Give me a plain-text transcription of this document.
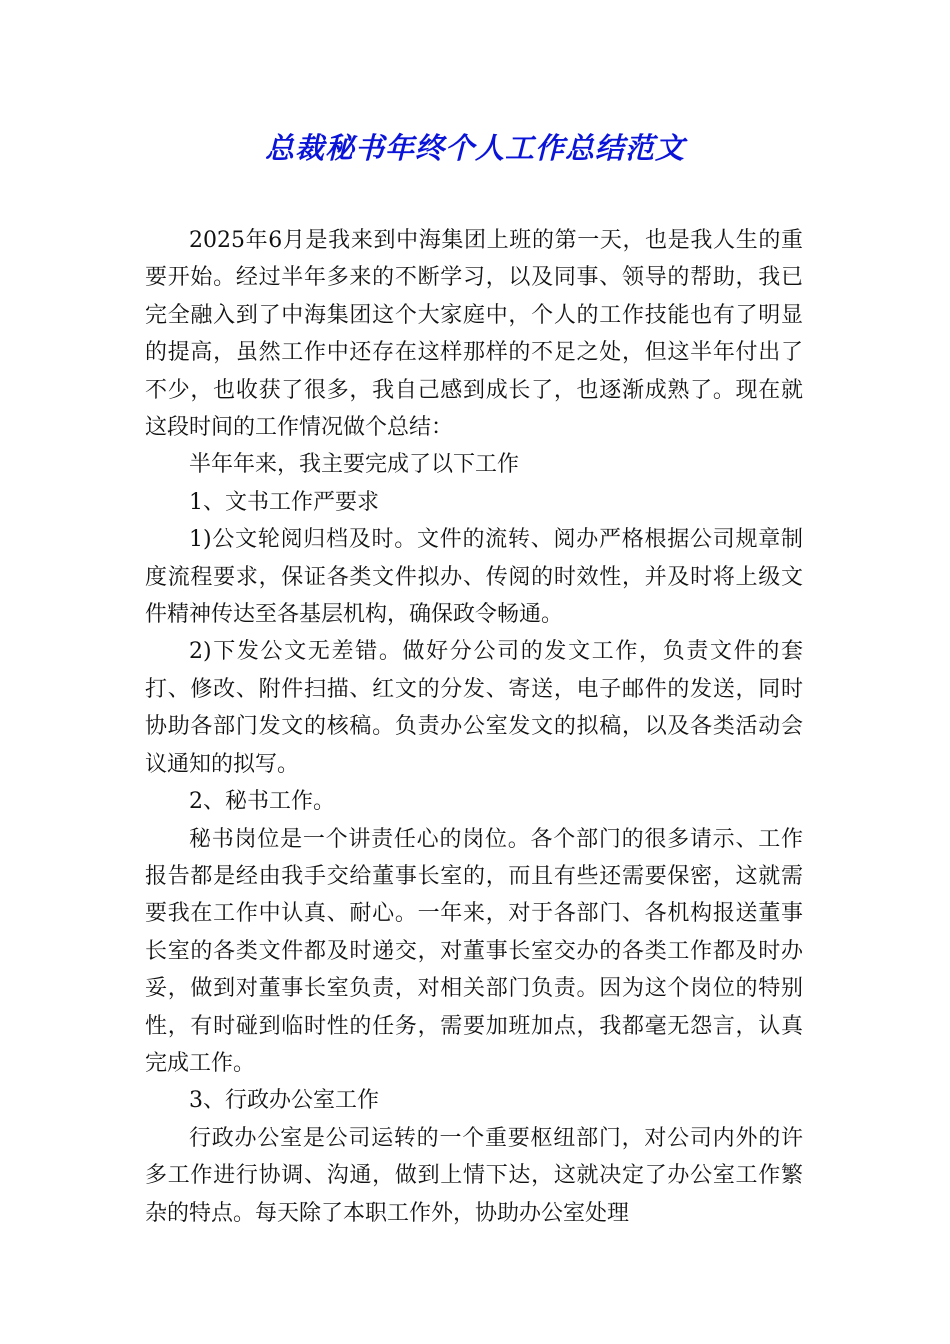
总裁秘书年终个人工作总结范文

2025年6月是我来到中海集团上班的第一天，也是我人生的重要开始。经过半年多来的不断学习，以及同事、领导的帮助，我已完全融入到了中海集团这个大家庭中，个人的工作技能也有了明显的提高，虽然工作中还存在这样那样的不足之处，但这半年付出了不少，也收获了很多，我自己感到成长了，也逐渐成熟了。现在就这段时间的工作情况做个总结：

半年年来，我主要完成了以下工作

1、文书工作严要求

1)公文轮阅归档及时。文件的流转、阅办严格根据公司规章制度流程要求，保证各类文件拟办、传阅的时效性，并及时将上级文件精神传达至各基层机构，确保政令畅通。

2)下发公文无差错。做好分公司的发文工作，负责文件的套打、修改、附件扫描、红文的分发、寄送，电子邮件的发送，同时协助各部门发文的核稿。负责办公室发文的拟稿，以及各类活动会议通知的拟写。

2、秘书工作。

秘书岗位是一个讲责任心的岗位。各个部门的很多请示、工作报告都是经由我手交给董事长室的，而且有些还需要保密，这就需要我在工作中认真、耐心。一年来，对于各部门、各机构报送董事长室的各类文件都及时递交，对董事长室交办的各类工作都及时办妥，做到对董事长室负责，对相关部门负责。因为这个岗位的特别性，有时碰到临时性的任务，需要加班加点，我都毫无怨言，认真完成工作。

3、行政办公室工作

行政办公室是公司运转的一个重要枢纽部门，对公司内外的许多工作进行协调、沟通，做到上情下达，这就决定了办公室工作繁杂的特点。每天除了本职工作外，协助办公室处理
